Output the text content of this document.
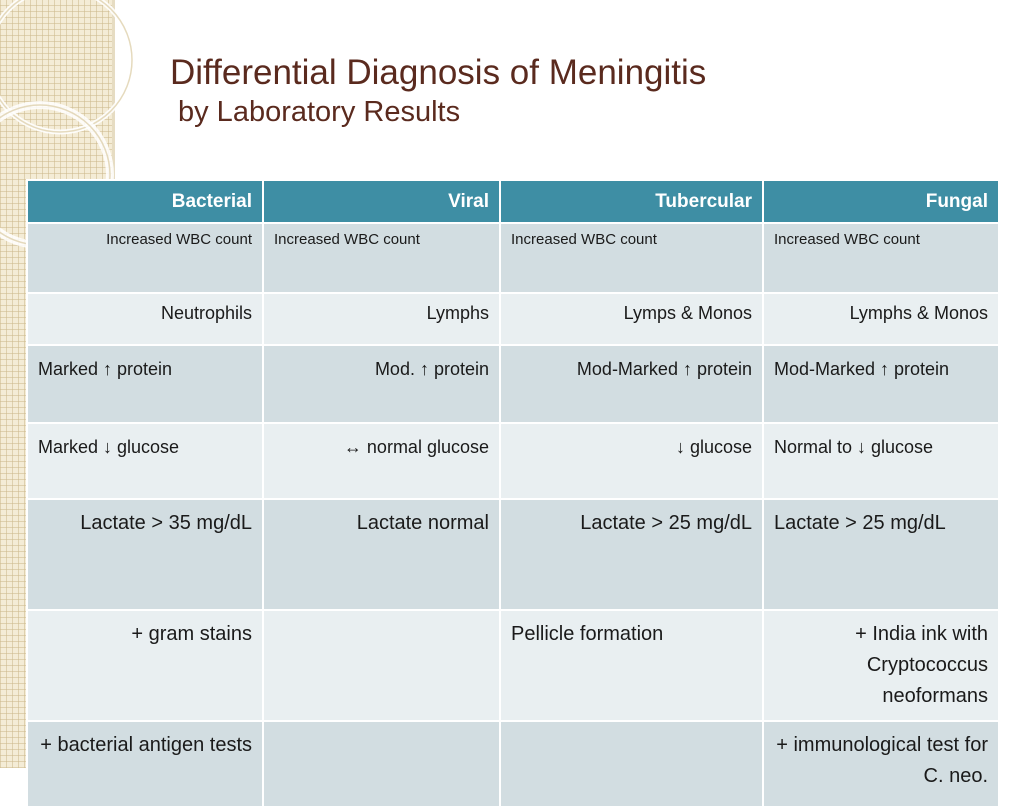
Differential Diagnosis of Meningitis
by Laboratory Results
Bacterial	Viral	Tubercular	Fungal
Increased WBC count	Increased WBC count	Increased WBC count	Increased WBC count
Neutrophils	Lymphs	Lymps & Monos	Lymphs & Monos
Marked ↑ protein	Mod. ↑ protein	Mod-Marked ↑ protein	Mod-Marked ↑ protein
Marked ↓ glucose	↔ normal glucose	↓ glucose	Normal to ↓ glucose
Lactate > 35 mg/dL	Lactate normal	Lactate > 25 mg/dL	Lactate > 25 mg/dL
+ gram stains		Pellicle formation	+ India ink with Cryptococcus neoformans
+ bacterial antigen tests			+ immunological test for C. neo.
